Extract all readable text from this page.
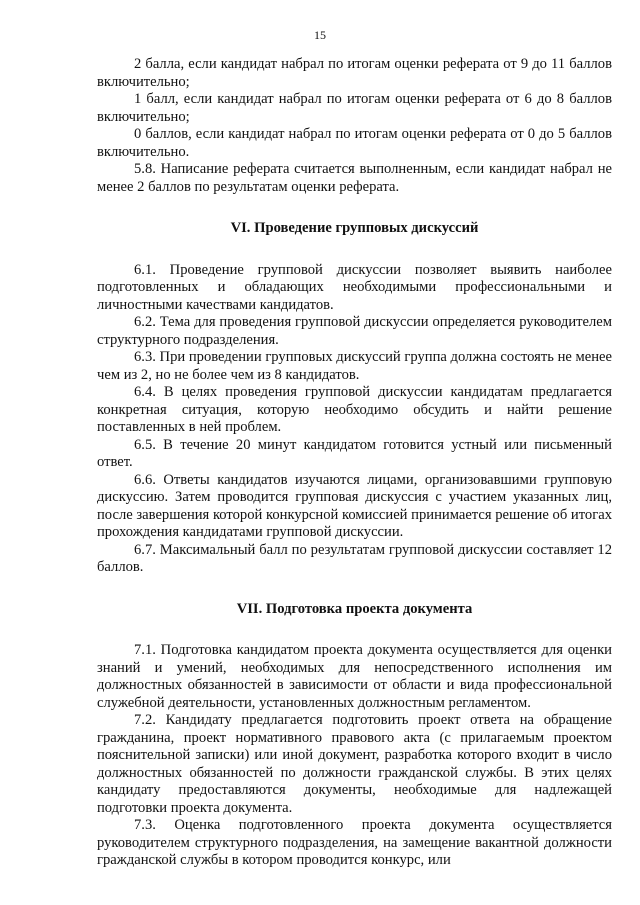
15

2 балла, если кандидат набрал по итогам оценки реферата от 9 до 11 баллов включительно;

1 балл, если кандидат набрал по итогам оценки реферата от 6 до 8 баллов включительно;

0 баллов, если кандидат набрал по итогам оценки реферата от 0 до 5 баллов включительно.

5.8. Написание реферата считается выполненным, если кандидат набрал не менее 2 баллов по результатам оценки реферата.

VI. Проведение групповых дискуссий

6.1. Проведение групповой дискуссии позволяет выявить наиболее подготовленных и обладающих необходимыми профессиональными и личностными качествами кандидатов.

6.2. Тема для проведения групповой дискуссии определяется руководителем структурного подразделения.

6.3. При проведении групповых дискуссий группа должна состоять не менее чем из 2, но не более чем из 8 кандидатов.

6.4. В целях проведения групповой дискуссии кандидатам предлагается конкретная ситуация, которую необходимо обсудить и найти решение поставленных в ней проблем.

6.5. В течение 20 минут кандидатом готовится устный или письменный ответ.

6.6. Ответы кандидатов изучаются лицами, организовавшими групповую дискуссию. Затем проводится групповая дискуссия с участием указанных лиц, после завершения которой конкурсной комиссией принимается решение об итогах прохождения кандидатами групповой дискуссии.

6.7. Максимальный балл по результатам групповой дискуссии составляет 12 баллов.

VII. Подготовка проекта документа

7.1. Подготовка кандидатом проекта документа осуществляется для оценки знаний и умений, необходимых для непосредственного исполнения им должностных обязанностей в зависимости от области и вида профессиональной служебной деятельности, установленных должностным регламентом.

7.2. Кандидату предлагается подготовить проект ответа на обращение гражданина, проект нормативного правового акта (с прилагаемым проектом пояснительной записки) или иной документ, разработка которого входит в число должностных обязанностей по должности гражданской службы. В этих целях кандидату предоставляются документы, необходимые для надлежащей подготовки проекта документа.

7.3. Оценка подготовленного проекта документа осуществляется руководителем структурного подразделения, на замещение вакантной должности гражданской службы в котором проводится конкурс, или
